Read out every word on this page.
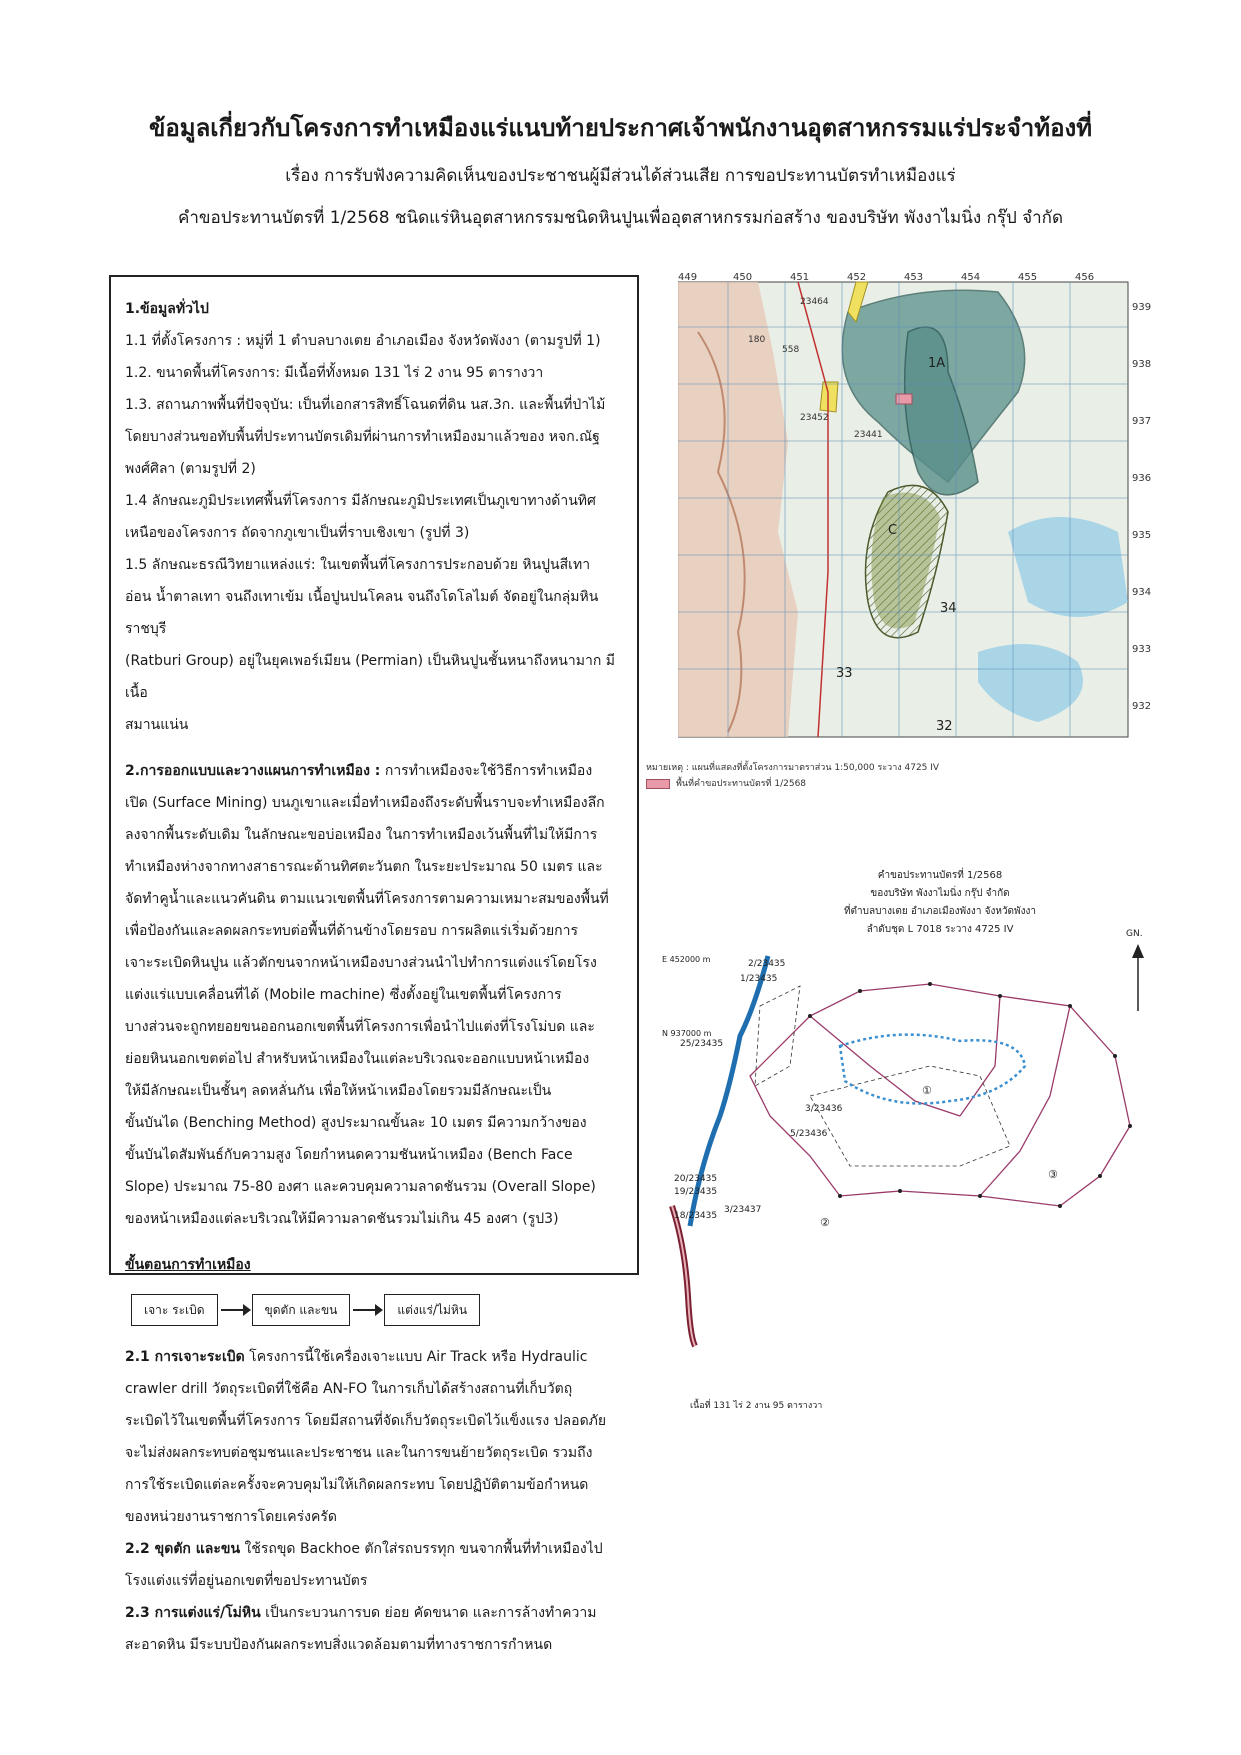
ข้อมูลเกี่ยวกับโครงการทำเหมืองแร่แนบท้ายประกาศเจ้าพนักงานอุตสาหกรรมแร่ประจำท้องที่

เรื่อง การรับฟังความคิดเห็นของประชาชนผู้มีส่วนได้ส่วนเสีย การขอประทานบัตรทำเหมืองแร่

คำขอประทานบัตรที่ 1/2568 ชนิดแร่หินอุตสาหกรรมชนิดหินปูนเพื่ออุตสาหกรรมก่อสร้าง ของบริษัท พังงาไมนิ่ง กรุ๊ป จำกัด

1.ข้อมูลทั่วไป

1.1 ที่ตั้งโครงการ : หมู่ที่ 1 ตำบลบางเตย อำเภอเมือง จังหวัดพังงา (ตามรูปที่ 1)

1.2. ขนาดพื้นที่โครงการ: มีเนื้อที่ทั้งหมด 131 ไร่ 2 งาน 95 ตารางวา

1.3. สถานภาพพื้นที่ปัจจุบัน: เป็นที่เอกสารสิทธิ์โฉนดที่ดิน นส.3ก. และพื้นที่ป่าไม้

โดยบางส่วนขอทับพื้นที่ประทานบัตรเดิมที่ผ่านการทำเหมืองมาแล้วของ หจก.ณัฐ

พงศ์ศิลา (ตามรูปที่ 2)

1.4 ลักษณะภูมิประเทศพื้นที่โครงการ มีลักษณะภูมิประเทศเป็นภูเขาทางด้านทิศ

เหนือของโครงการ ถัดจากภูเขาเป็นที่ราบเชิงเขา (รูปที่ 3)

1.5 ลักษณะธรณีวิทยาแหล่งแร่: ในเขตพื้นที่โครงการประกอบด้วย หินปูนสีเทา

อ่อน น้ำตาลเทา จนถึงเทาเข้ม เนื้อปูนปนโคลน จนถึงโดโลไมต์ จัดอยู่ในกลุ่มหินราชบุรี

(Ratburi Group) อยู่ในยุคเพอร์เมียน (Permian) เป็นหินปูนชั้นหนาถึงหนามาก มีเนื้อ

สมานแน่น

2.การออกแบบและวางแผนการทำเหมือง : การทำเหมืองจะใช้วิธีการทำเหมือง

เปิด (Surface Mining) บนภูเขาและเมื่อทำเหมืองถึงระดับพื้นราบจะทำเหมืองลึก

ลงจากพื้นระดับเดิม ในลักษณะขอบ่อเหมือง ในการทำเหมืองเว้นพื้นที่ไม่ให้มีการ

ทำเหมืองห่างจากทางสาธารณะด้านทิศตะวันตก ในระยะประมาณ 50 เมตร และ

จัดทำคูน้ำและแนวคันดิน ตามแนวเขตพื้นที่โครงการตามความเหมาะสมของพื้นที่

เพื่อป้องกันและลดผลกระทบต่อพื้นที่ด้านข้างโดยรอบ การผลิตแร่เริ่มด้วยการ

เจาะระเบิดหินปูน แล้วตักขนจากหน้าเหมืองบางส่วนนำไปทำการแต่งแร่โดยโรง

แต่งแร่แบบเคลื่อนที่ได้ (Mobile machine) ซึ่งตั้งอยู่ในเขตพื้นที่โครงการ

บางส่วนจะถูกทยอยขนออกนอกเขตพื้นที่โครงการเพื่อนำไปแต่งที่โรงโม่บด และ

ย่อยหินนอกเขตต่อไป สำหรับหน้าเหมืองในแต่ละบริเวณจะออกแบบหน้าเหมือง

ให้มีลักษณะเป็นชั้นๆ ลดหลั่นกัน เพื่อให้หน้าเหมืองโดยรวมมีลักษณะเป็น

ขั้นบันได (Benching Method) สูงประมาณขั้นละ 10 เมตร มีความกว้างของ

ขั้นบันไดสัมพันธ์กับความสูง โดยกำหนดความชันหน้าเหมือง (Bench Face

Slope) ประมาณ 75-80 องศา และควบคุมความลาดชันรวม (Overall Slope)

ของหน้าเหมืองแต่ละบริเวณให้มีความลาดชันรวมไม่เกิน 45 องศา (รูป3)

ขั้นตอนการทำเหมือง

เจาะ ระเบิด	ขุดตัก และขน	แต่งแร่/ไม่หิน

2.1 การเจาะระเบิด โครงการนี้ใช้เครื่องเจาะแบบ Air Track หรือ Hydraulic

crawler drill วัตถุระเบิดที่ใช้คือ AN-FO ในการเก็บได้สร้างสถานที่เก็บวัตถุ

ระเบิดไว้ในเขตพื้นที่โครงการ โดยมีสถานที่จัดเก็บวัตถุระเบิดไว้แข็งแรง ปลอดภัย

จะไม่ส่งผลกระทบต่อชุมชนและประชาชน และในการขนย้ายวัตถุระเบิด รวมถึง

การใช้ระเบิดแต่ละครั้งจะควบคุมไม่ให้เกิดผลกระทบ โดยปฏิบัติตามข้อกำหนด

ของหน่วยงานราชการโดยเคร่งครัด

2.2 ขุดตัก และขน ใช้รถขุด Backhoe ตักใส่รถบรรทุก ขนจากพื้นที่ทำเหมืองไป

โรงแต่งแร่ที่อยู่นอกเขตที่ขอประทานบัตร

2.3 การแต่งแร่/โม่หิน เป็นกระบวนการบด ย่อย คัดขนาด และการล้างทำความ

สะอาดหิน มีระบบป้องกันผลกระทบสิ่งแวดล้อมตามที่ทางราชการกำหนด

449	450	451	452	453	454	455	456
939
938
937
936
935
934
933
932
1A
C
34
33
32
23464
23452
23441
180
558
หมายเหตุ : แผนที่แสดงที่ตั้งโครงการมาตราส่วน 1:50,000 ระวาง 4725 IV
พื้นที่คำขอประทานบัตรที่ 1/2568
คำขอประทานบัตรที่ 1/2568
ของบริษัท พังงาไมนิ่ง กรุ๊ป จำกัด
ที่ตำบลบางเตย อำเภอเมืองพังงา จังหวัดพังงา
ลำดับชุด L 7018 ระวาง 4725 IV	GN.
E 452000 m
N 937000 m
1/23435
2/23435
25/23435
3/23436
5/23436
20/23435
19/23435
18/23435
3/23437
①
②
③
เนื้อที่ 131 ไร่ 2 งาน 95 ตารางวา
